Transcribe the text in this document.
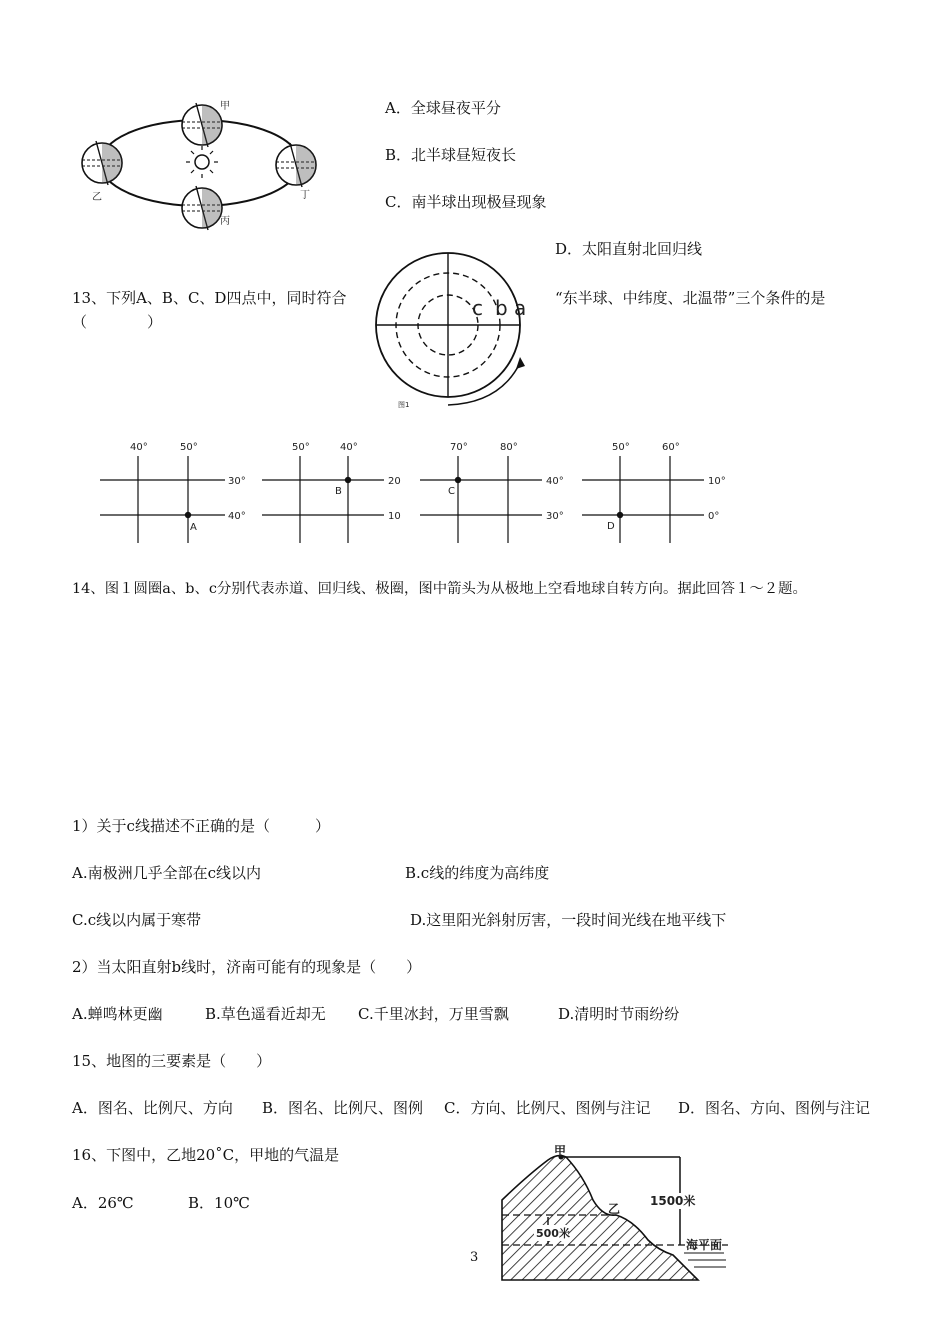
甲
乙
丙
丁
A．全球昼夜平分
B．北半球昼短夜长
C．南半球出现极昼现象
D．太阳直射北回归线
13、下列A、B、C、D四点中，同时符合	“东半球、中纬度、北温带”三个条件的是
（　　　　）
c b a
图1
40°	50°
30°
40°
A
50°	40°
20
10
B
70°	80°
40°
30°
C
50°	60°
10°
0°
D
14、图１圆圈a、b、c分别代表赤道、回归线、极圈，图中箭头为从极地上空看地球自转方向。据此回答１～２题。
1）关于c线描述不正确的是（　　　）
A.南极洲几乎全部在c线以内	B.c线的纬度为高纬度
C.c线以内属于寒带	D.这里阳光斜射厉害，一段时间光线在地平线下
2）当太阳直射b线时，济南可能有的现象是（　　）
A.蝉鸣林更幽	B.草色遥看近却无 C.千里冰封，万里雪飘	D.清明时节雨纷纷
15、地图的三要素是（　　）
A．图名、比例尺、方向 B．图名、比例尺、图例 C．方向、比例尺、图例与注记 D．图名、方向、图例与注记
16、下图中，乙地20˚C，甲地的气温是
A．26℃	B．10℃
甲
乙
1500米
500米
海平面
3
